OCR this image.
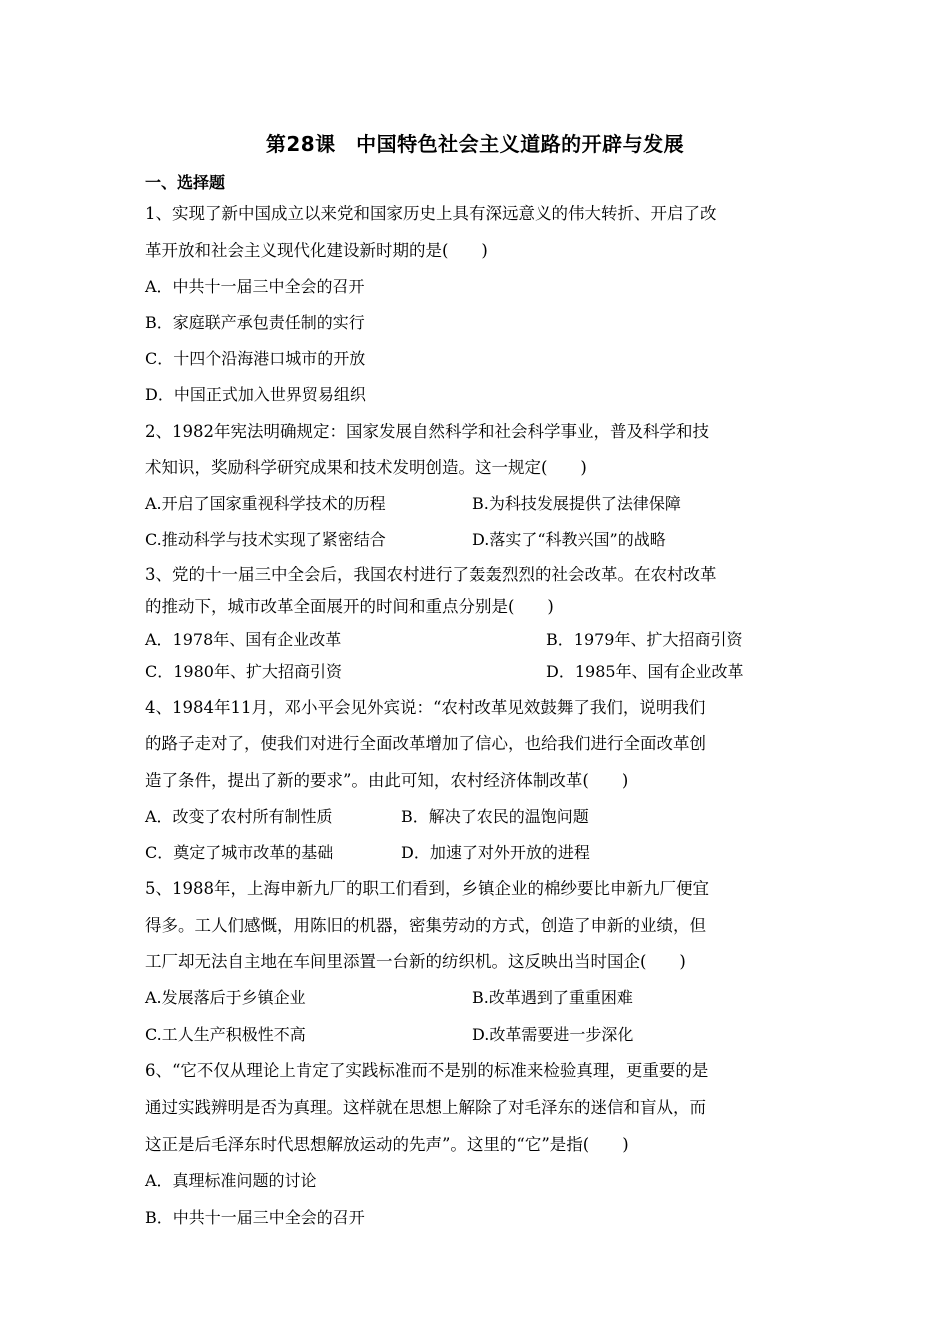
第28课　中国特色社会主义道路的开辟与发展
一、选择题
1、实现了新中国成立以来党和国家历史上具有深远意义的伟大转折、开启了改
革开放和社会主义现代化建设新时期的是(　　)
A．中共十一届三中全会的召开
B．家庭联产承包责任制的实行
C．十四个沿海港口城市的开放
D．中国正式加入世界贸易组织
2、1982年宪法明确规定：国家发展自然科学和社会科学事业，普及科学和技
术知识，奖励科学研究成果和技术发明创造。这一规定(　　)
A.开启了国家重视科学技术的历程	B.为科技发展提供了法律保障
C.推动科学与技术实现了紧密结合	D.落实了“科教兴国”的战略
3、党的十一届三中全会后，我国农村进行了轰轰烈烈的社会改革。在农村改革
的推动下，城市改革全面展开的时间和重点分别是(　　)
A．1978年、国有企业改革	B．1979年、扩大招商引资
C．1980年、扩大招商引资	D．1985年、国有企业改革
4、1984年11月，邓小平会见外宾说：“农村改革见效鼓舞了我们，说明我们
的路子走对了，使我们对进行全面改革增加了信心，也给我们进行全面改革创
造了条件，提出了新的要求”。由此可知，农村经济体制改革(　　)
A．改变了农村所有制性质	B．解决了农民的温饱问题
C．奠定了城市改革的基础	D．加速了对外开放的进程
5、1988年，上海申新九厂的职工们看到，乡镇企业的棉纱要比申新九厂便宜
得多。工人们感慨，用陈旧的机器，密集劳动的方式，创造了申新的业绩，但
工厂却无法自主地在车间里添置一台新的纺织机。这反映出当时国企(　　)
A.发展落后于乡镇企业	B.改革遇到了重重困难
C.工人生产积极性不高	D.改革需要进一步深化
6、“它不仅从理论上肯定了实践标准而不是别的标准来检验真理，更重要的是
通过实践辨明是否为真理。这样就在思想上解除了对毛泽东的迷信和盲从，而
这正是后毛泽东时代思想解放运动的先声”。这里的“它”是指(　　)
A．真理标准问题的讨论
B．中共十一届三中全会的召开
